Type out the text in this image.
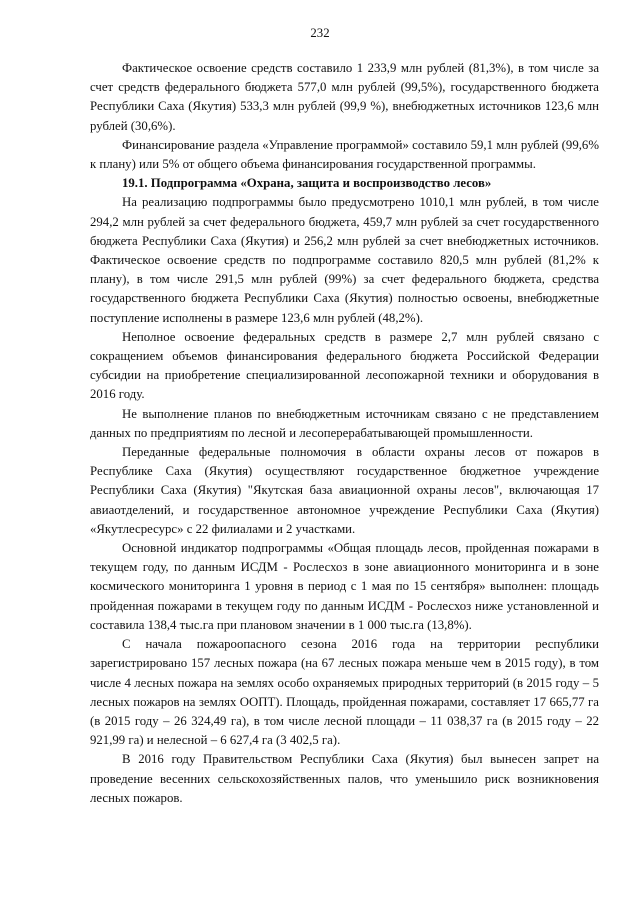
232

Фактическое освоение средств составило 1 233,9 млн рублей (81,3%), в том числе за счет средств федерального бюджета 577,0 млн рублей (99,5%), государственного бюджета Республики Саха (Якутия) 533,3 млн рублей (99,9 %), внебюджетных источников 123,6 млн рублей (30,6%).

Финансирование раздела «Управление программой» составило 59,1 млн рублей (99,6% к плану) или 5% от общего объема финансирования государственной программы.

19.1. Подпрограмма «Охрана, защита и воспроизводство лесов»

На реализацию подпрограммы было предусмотрено 1010,1 млн рублей, в том числе 294,2 млн рублей за счет федерального бюджета, 459,7 млн рублей за счет государственного бюджета Республики Саха (Якутия) и 256,2 млн рублей за счет внебюджетных источников. Фактическое освоение средств по подпрограмме составило 820,5 млн рублей (81,2% к плану), в том числе 291,5 млн рублей (99%) за счет федерального бюджета, средства государственного бюджета Республики Саха (Якутия) полностью освоены, внебюджетные поступление исполнены в размере 123,6 млн рублей (48,2%).

Неполное освоение федеральных средств в размере 2,7 млн рублей связано с сокращением объемов финансирования федерального бюджета Российской Федерации субсидии на приобретение специализированной лесопожарной техники и оборудования в 2016 году.

Не выполнение планов по внебюджетным источникам связано с не представлением данных по предприятиям по лесной и лесоперерабатывающей промышленности.

Переданные федеральные полномочия в области охраны лесов от пожаров в Республике Саха (Якутия) осуществляют государственное бюджетное учреждение Республики Саха (Якутия) "Якутская база авиационной охраны лесов", включающая 17 авиаотделений, и государственное автономное учреждение Республики Саха (Якутия) «Якутлесресурс» с 22 филиалами и 2 участками.

Основной индикатор подпрограммы «Общая площадь лесов, пройденная пожарами в текущем году, по данным ИСДМ - Рослесхоз в зоне авиационного мониторинга и в зоне космического мониторинга 1 уровня в период с 1 мая по 15 сентября» выполнен: площадь пройденная пожарами в текущем году по данным ИСДМ - Рослесхоз ниже установленной и составила 138,4 тыс.га при плановом значении в 1 000 тыс.га (13,8%).

С начала пожароопасного сезона 2016 года на территории республики зарегистрировано 157 лесных пожара (на 67 лесных пожара меньше чем в 2015 году), в том числе 4 лесных пожара на землях особо охраняемых природных территорий (в 2015 году – 5 лесных пожаров на землях ООПТ). Площадь, пройденная пожарами, составляет 17 665,77 га (в 2015 году – 26 324,49 га), в том числе лесной площади – 11 038,37 га (в 2015 году – 22 921,99 га) и нелесной – 6 627,4 га (3 402,5 га).

В 2016 году Правительством Республики Саха (Якутия) был вынесен запрет на проведение весенних сельскохозяйственных палов, что уменьшило риск возникновения лесных пожаров.
